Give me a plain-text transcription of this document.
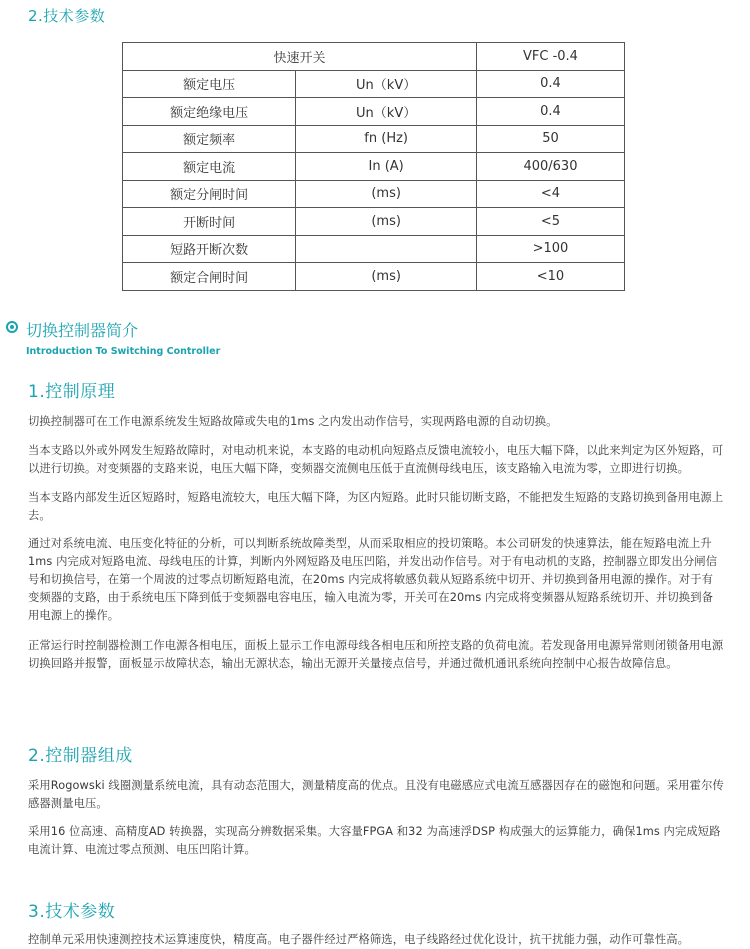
2.技术参数
快速开关		VFC -0.4
额定电压	Un（kV）	0.4
额定绝缘电压	Un（kV）	0.4
额定频率	fn (Hz)	50
额定电流	In (A)	400/630
额定分闸时间	(ms)	<4
开断时间	(ms)	<5
短路开断次数		>100
额定合闸时间	(ms)	<10
切换控制器简介
Introduction To Switching Controller
1.控制原理

切换控制器可在工作电源系统发生短路故障或失电的1ms 之内发出动作信号，实现两路电源的自动切换。

当本支路以外或外网发生短路故障时，对电动机来说，本支路的电动机向短路点反馈电流较小，电压大幅下降，以此来判定为区外短路，可以进行切换。对变频器的支路来说，电压大幅下降，变频器交流侧电压低于直流侧母线电压，该支路输入电流为零，立即进行切换。

当本支路内部发生近区短路时，短路电流较大，电压大幅下降，为区内短路。此时只能切断支路，不能把发生短路的支路切换到备用电源上去。

通过对系统电流、电压变化特征的分析，可以判断系统故障类型，从而采取相应的投切策略。本公司研发的快速算法，能在短路电流上升1ms 内完成对短路电流、母线电压的计算，判断内外网短路及电压凹陷，并发出动作信号。对于有电动机的支路，控制器立即发出分闸信号和切换信号，在第一个周波的过零点切断短路电流，在20ms 内完成将敏感负载从短路系统中切开、并切换到备用电源的操作。对于有变频器的支路，由于系统电压下降到低于变频器电容电压，输入电流为零，开关可在20ms 内完成将变频器从短路系统切开、并切换到备用电源上的操作。

正常运行时控制器检测工作电源各相电压，面板上显示工作电源母线各相电压和所控支路的负荷电流。若发现备用电源异常则闭锁备用电源切换回路并报警，面板显示故障状态，输出无源状态，输出无源开关量接点信号，并通过微机通讯系统向控制中心报告故障信息。

2.控制器组成

采用Rogowski 线圈测量系统电流，具有动态范围大，测量精度高的优点。且没有电磁感应式电流互感器因存在的磁饱和问题。采用霍尔传感器测量电压。

采用16 位高速、高精度AD 转换器，实现高分辨数据采集。大容量FPGA 和32 为高速浮DSP 构成强大的运算能力，确保1ms 内完成短路电流计算、电流过零点预测、电压凹陷计算。

3.技术参数

控制单元采用快速测控技术运算速度快，精度高。电子器件经过严格筛选，电子线路经过优化设计，抗干扰能力强，动作可靠性高。
